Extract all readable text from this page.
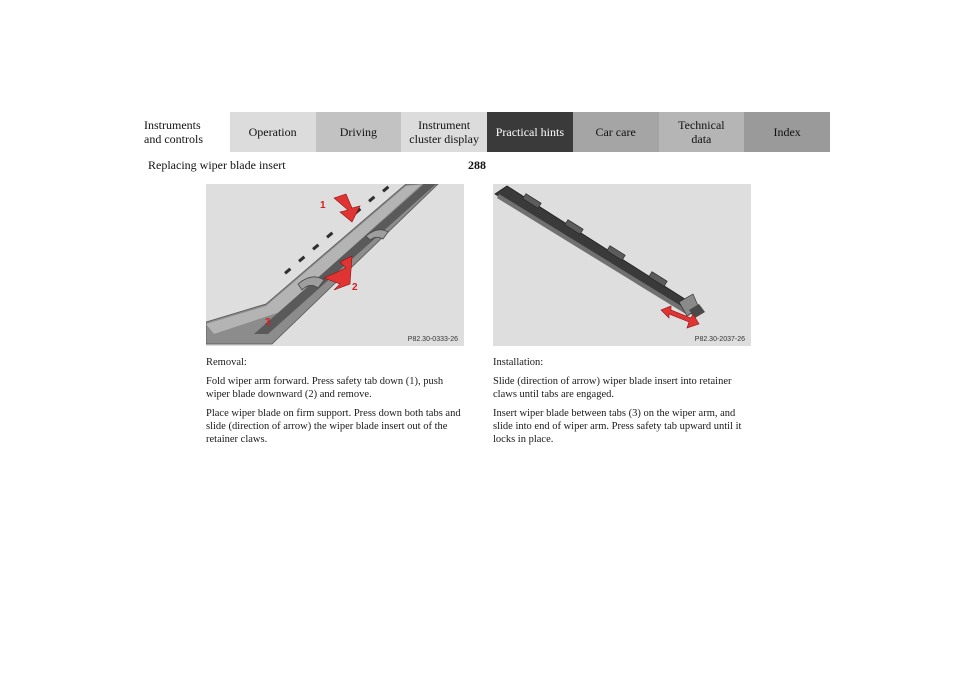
Instruments
and controls	Operation	Driving	Instrument
cluster display	Practical hints	Car care	Technical
data	Index
Replacing wiper blade insert	288
1
2
3
P82.30-0333-26	P82.30-2037-26

Removal:

Fold wiper arm forward. Press safety tab down (1), push wiper blade downward (2) and remove.

Place wiper blade on firm support. Press down both tabs and slide (direction of arrow) the wiper blade insert out of the retainer claws.

Installation:

Slide (direction of arrow) wiper blade insert into retainer claws until tabs are engaged.

Insert wiper blade between tabs (3) on the wiper arm, and slide into end of wiper arm. Press safety tab upward until it locks in place.
